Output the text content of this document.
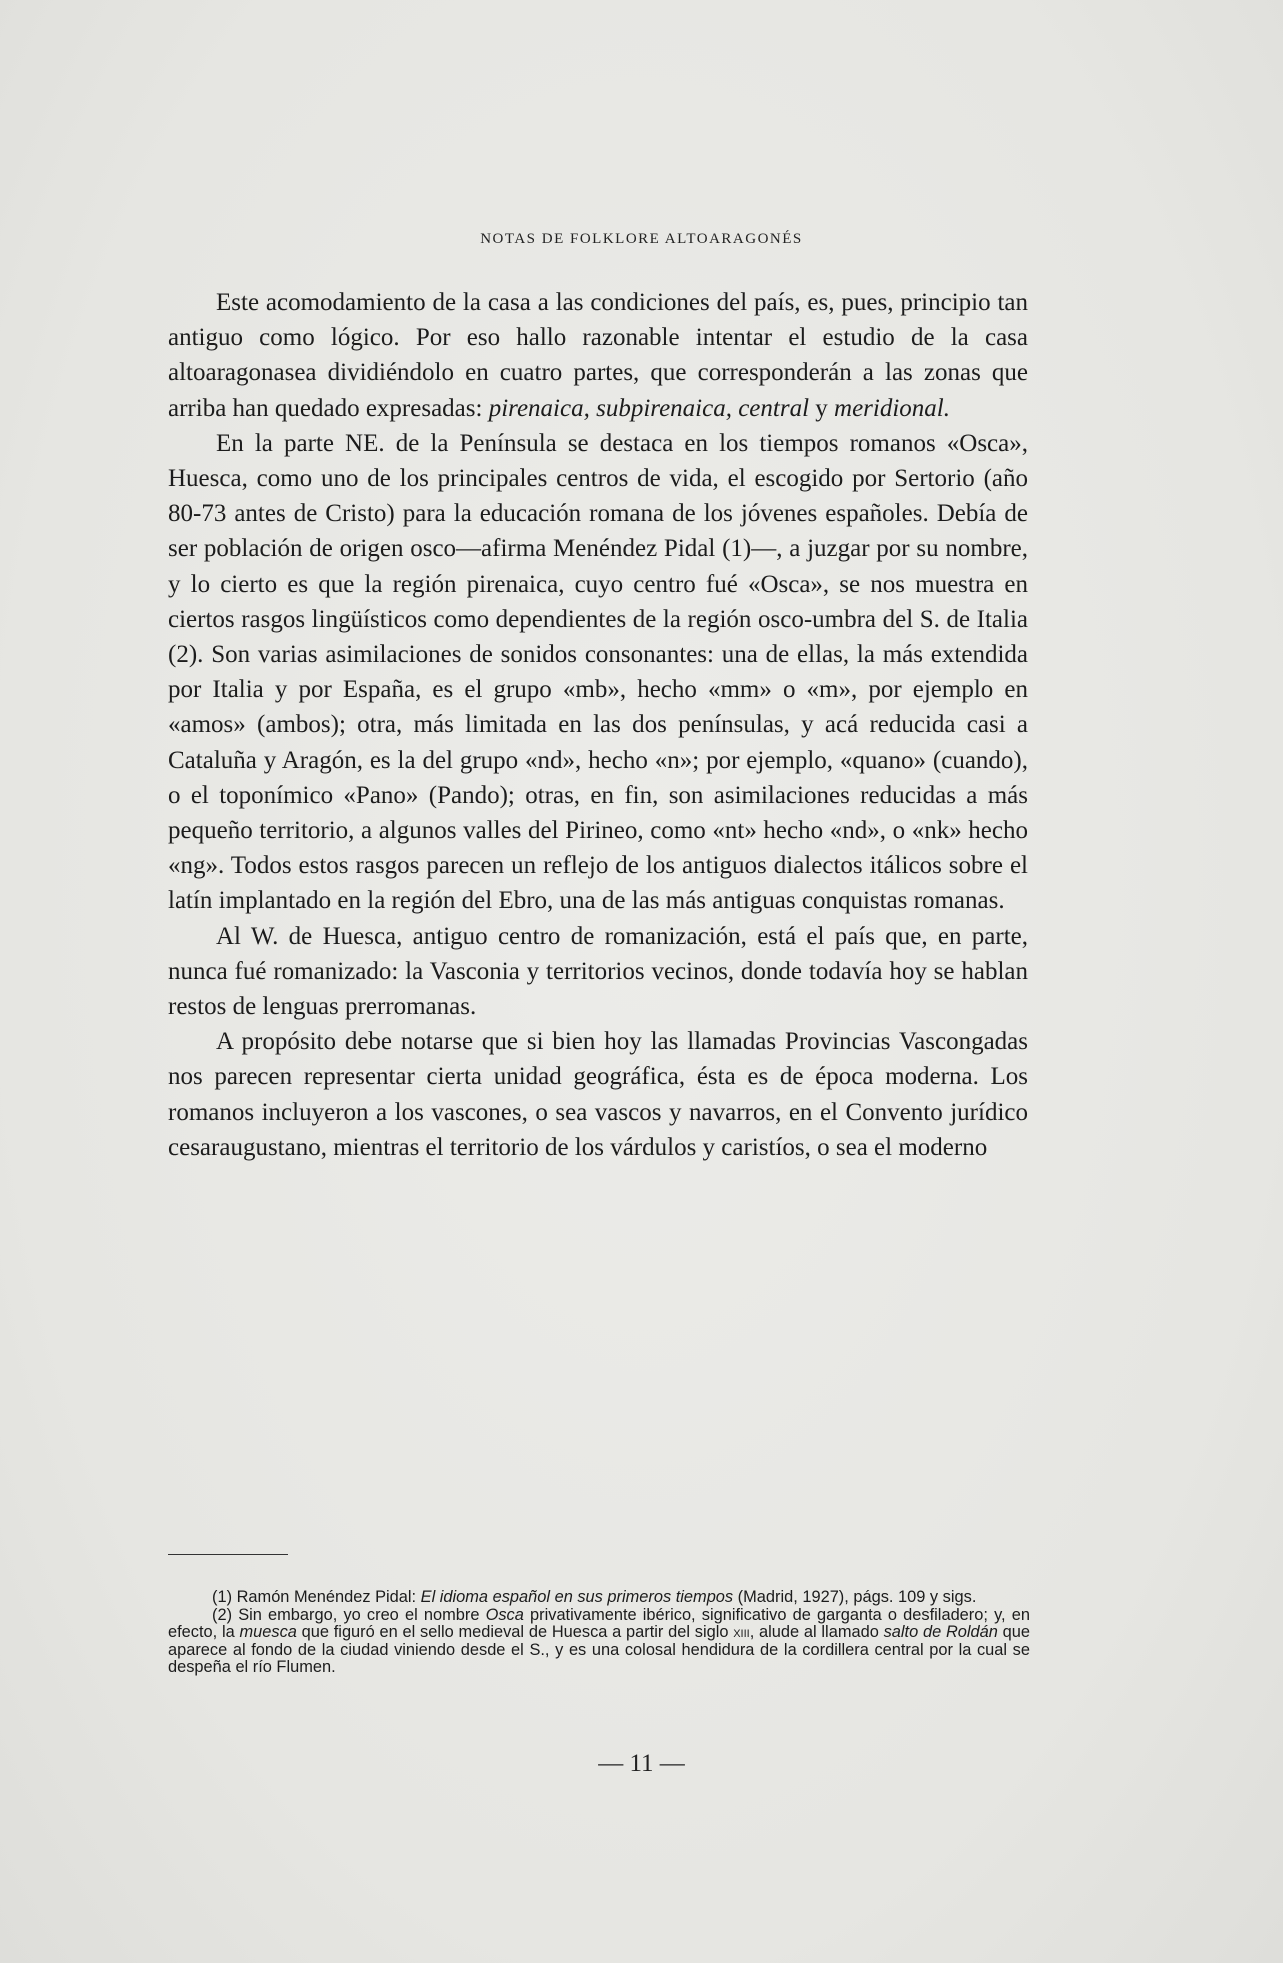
NOTAS DE FOLKLORE ALTOARAGONÉS

Este acomodamiento de la casa a las condiciones del país, es, pues, principio tan antiguo como lógico. Por eso hallo razonable intentar el estudio de la casa altoaragonasea dividiéndolo en cuatro partes, que corresponderán a las zonas que arriba han quedado expresadas: pirenaica, subpirenaica, central y meridional.

En la parte NE. de la Península se destaca en los tiempos romanos «Osca», Huesca, como uno de los principales centros de vida, el escogido por Sertorio (año 80-73 antes de Cristo) para la educación romana de los jóvenes españoles. Debía de ser población de origen osco—afirma Menéndez Pidal (1)—, a juzgar por su nombre, y lo cierto es que la región pirenaica, cuyo centro fué «Osca», se nos muestra en ciertos rasgos lingüísticos como dependientes de la región osco-umbra del S. de Italia (2). Son varias asimilaciones de sonidos consonantes: una de ellas, la más extendida por Italia y por España, es el grupo «mb», hecho «mm» o «m», por ejemplo en «amos» (ambos); otra, más limitada en las dos penínsulas, y acá reducida casi a Cataluña y Aragón, es la del grupo «nd», hecho «n»; por ejemplo, «quano» (cuando), o el toponímico «Pano» (Pando); otras, en fin, son asimilaciones reducidas a más pequeño territorio, a algunos valles del Pirineo, como «nt» hecho «nd», o «nk» hecho «ng». Todos estos rasgos parecen un reflejo de los antiguos dialectos itálicos sobre el latín implantado en la región del Ebro, una de las más antiguas conquistas romanas.

Al W. de Huesca, antiguo centro de romanización, está el país que, en parte, nunca fué romanizado: la Vasconia y territorios vecinos, donde todavía hoy se hablan restos de lenguas prerromanas.

A propósito debe notarse que si bien hoy las llamadas Provincias Vascongadas nos parecen representar cierta unidad geográfica, ésta es de época moderna. Los romanos incluyeron a los vascones, o sea vascos y navarros, en el Convento jurídico cesaraugustano, mientras el territorio de los várdulos y caristíos, o sea el moderno

(1) Ramón Menéndez Pidal: El idioma español en sus primeros tiempos (Madrid, 1927), págs. 109 y sigs.

(2) Sin embargo, yo creo el nombre Osca privativamente ibérico, significativo de garganta o desfiladero; y, en efecto, la muesca que figuró en el sello medieval de Huesca a partir del siglo xiii, alude al llamado salto de Roldán que aparece al fondo de la ciudad viniendo desde el S., y es una colosal hendidura de la cordillera central por la cual se despeña el río Flumen.

— 11 —
